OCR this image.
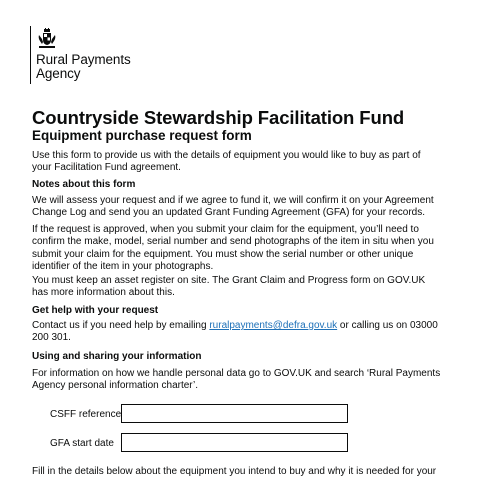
Rural Payments
Agency
Countryside Stewardship Facilitation Fund
Equipment purchase request form
Use this form to provide us with the details of equipment you would like to buy as part of your Facilitation Fund agreement.
Notes about this form
We will assess your request and if we agree to fund it, we will confirm it on your Agreement Change Log and send you an updated Grant Funding Agreement (GFA) for your records.
If the request is approved, when you submit your claim for the equipment, you’ll need to confirm the make, model, serial number and send photographs of the item in situ when you submit your claim for the equipment. You must show the serial number or other unique identifier of the item in your photographs.
You must keep an asset register on site. The Grant Claim and Progress form on GOV.UK has more information about this.
Get help with your request
Contact us if you need help by emailing ruralpayments@defra.gov.uk or calling us on 03000 200 301.
Using and sharing your information
For information on how we handle personal data go to GOV.UK and search ‘Rural Payments Agency personal information charter’.
CSFF reference
GFA start date
Fill in the details below about the equipment you intend to buy and why it is needed for your
